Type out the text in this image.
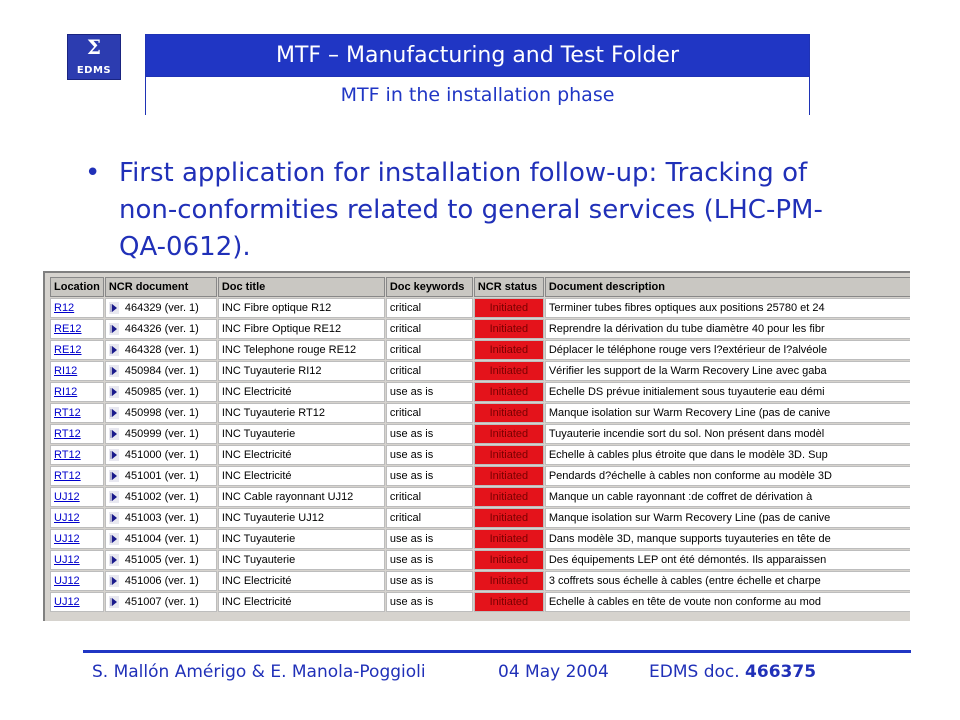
Σ
EDMS
MTF – Manufacturing and Test Folder
MTF in the installation phase
• First application for installation follow-up: Tracking of non-conformities related to general services (LHC-PM-QA-0612).
Location	NCR document	Doc title	Doc keywords	NCR status	Document description
R12	464329 (ver. 1)	INC Fibre optique R12	critical	Initiated	Terminer tubes fibres optiques aux positions 25780 et 24
RE12	464326 (ver. 1)	INC Fibre Optique RE12	critical	Initiated	Reprendre la dérivation du tube diamètre 40 pour les fibr
RE12	464328 (ver. 1)	INC Telephone rouge RE12	critical	Initiated	Déplacer le téléphone rouge vers l?extérieur de l?alvéole
RI12	450984 (ver. 1)	INC Tuyauterie RI12	critical	Initiated	Vérifier les support de la Warm Recovery Line avec gaba
RI12	450985 (ver. 1)	INC Electricité	use as is	Initiated	Echelle DS prévue initialement sous tuyauterie eau démi
RT12	450998 (ver. 1)	INC Tuyauterie RT12	critical	Initiated	Manque isolation sur Warm Recovery Line (pas de canive
RT12	450999 (ver. 1)	INC Tuyauterie	use as is	Initiated	Tuyauterie incendie sort du sol. Non présent dans modèl
RT12	451000 (ver. 1)	INC Electricité	use as is	Initiated	Echelle à cables plus étroite que dans le modèle 3D. Sup
RT12	451001 (ver. 1)	INC Electricité	use as is	Initiated	Pendards d?échelle à cables non conforme au modèle 3D
UJ12	451002 (ver. 1)	INC Cable rayonnant UJ12	critical	Initiated	Manque un cable rayonnant :de coffret de dérivation à
UJ12	451003 (ver. 1)	INC Tuyauterie UJ12	critical	Initiated	Manque isolation sur Warm Recovery Line (pas de canive
UJ12	451004 (ver. 1)	INC Tuyauterie	use as is	Initiated	Dans modèle 3D, manque supports tuyauteries en tête de
UJ12	451005 (ver. 1)	INC Tuyauterie	use as is	Initiated	Des équipements LEP ont été démontés. Ils apparaissen
UJ12	451006 (ver. 1)	INC Electricité	use as is	Initiated	3 coffrets sous échelle à cables (entre échelle et charpe
UJ12	451007 (ver. 1)	INC Electricité	use as is	Initiated	Echelle à cables en tête de voute non conforme au mod
S. Mallón Amérigo & E. Manola-Poggioli	04 May 2004 EDMS doc. 466375
